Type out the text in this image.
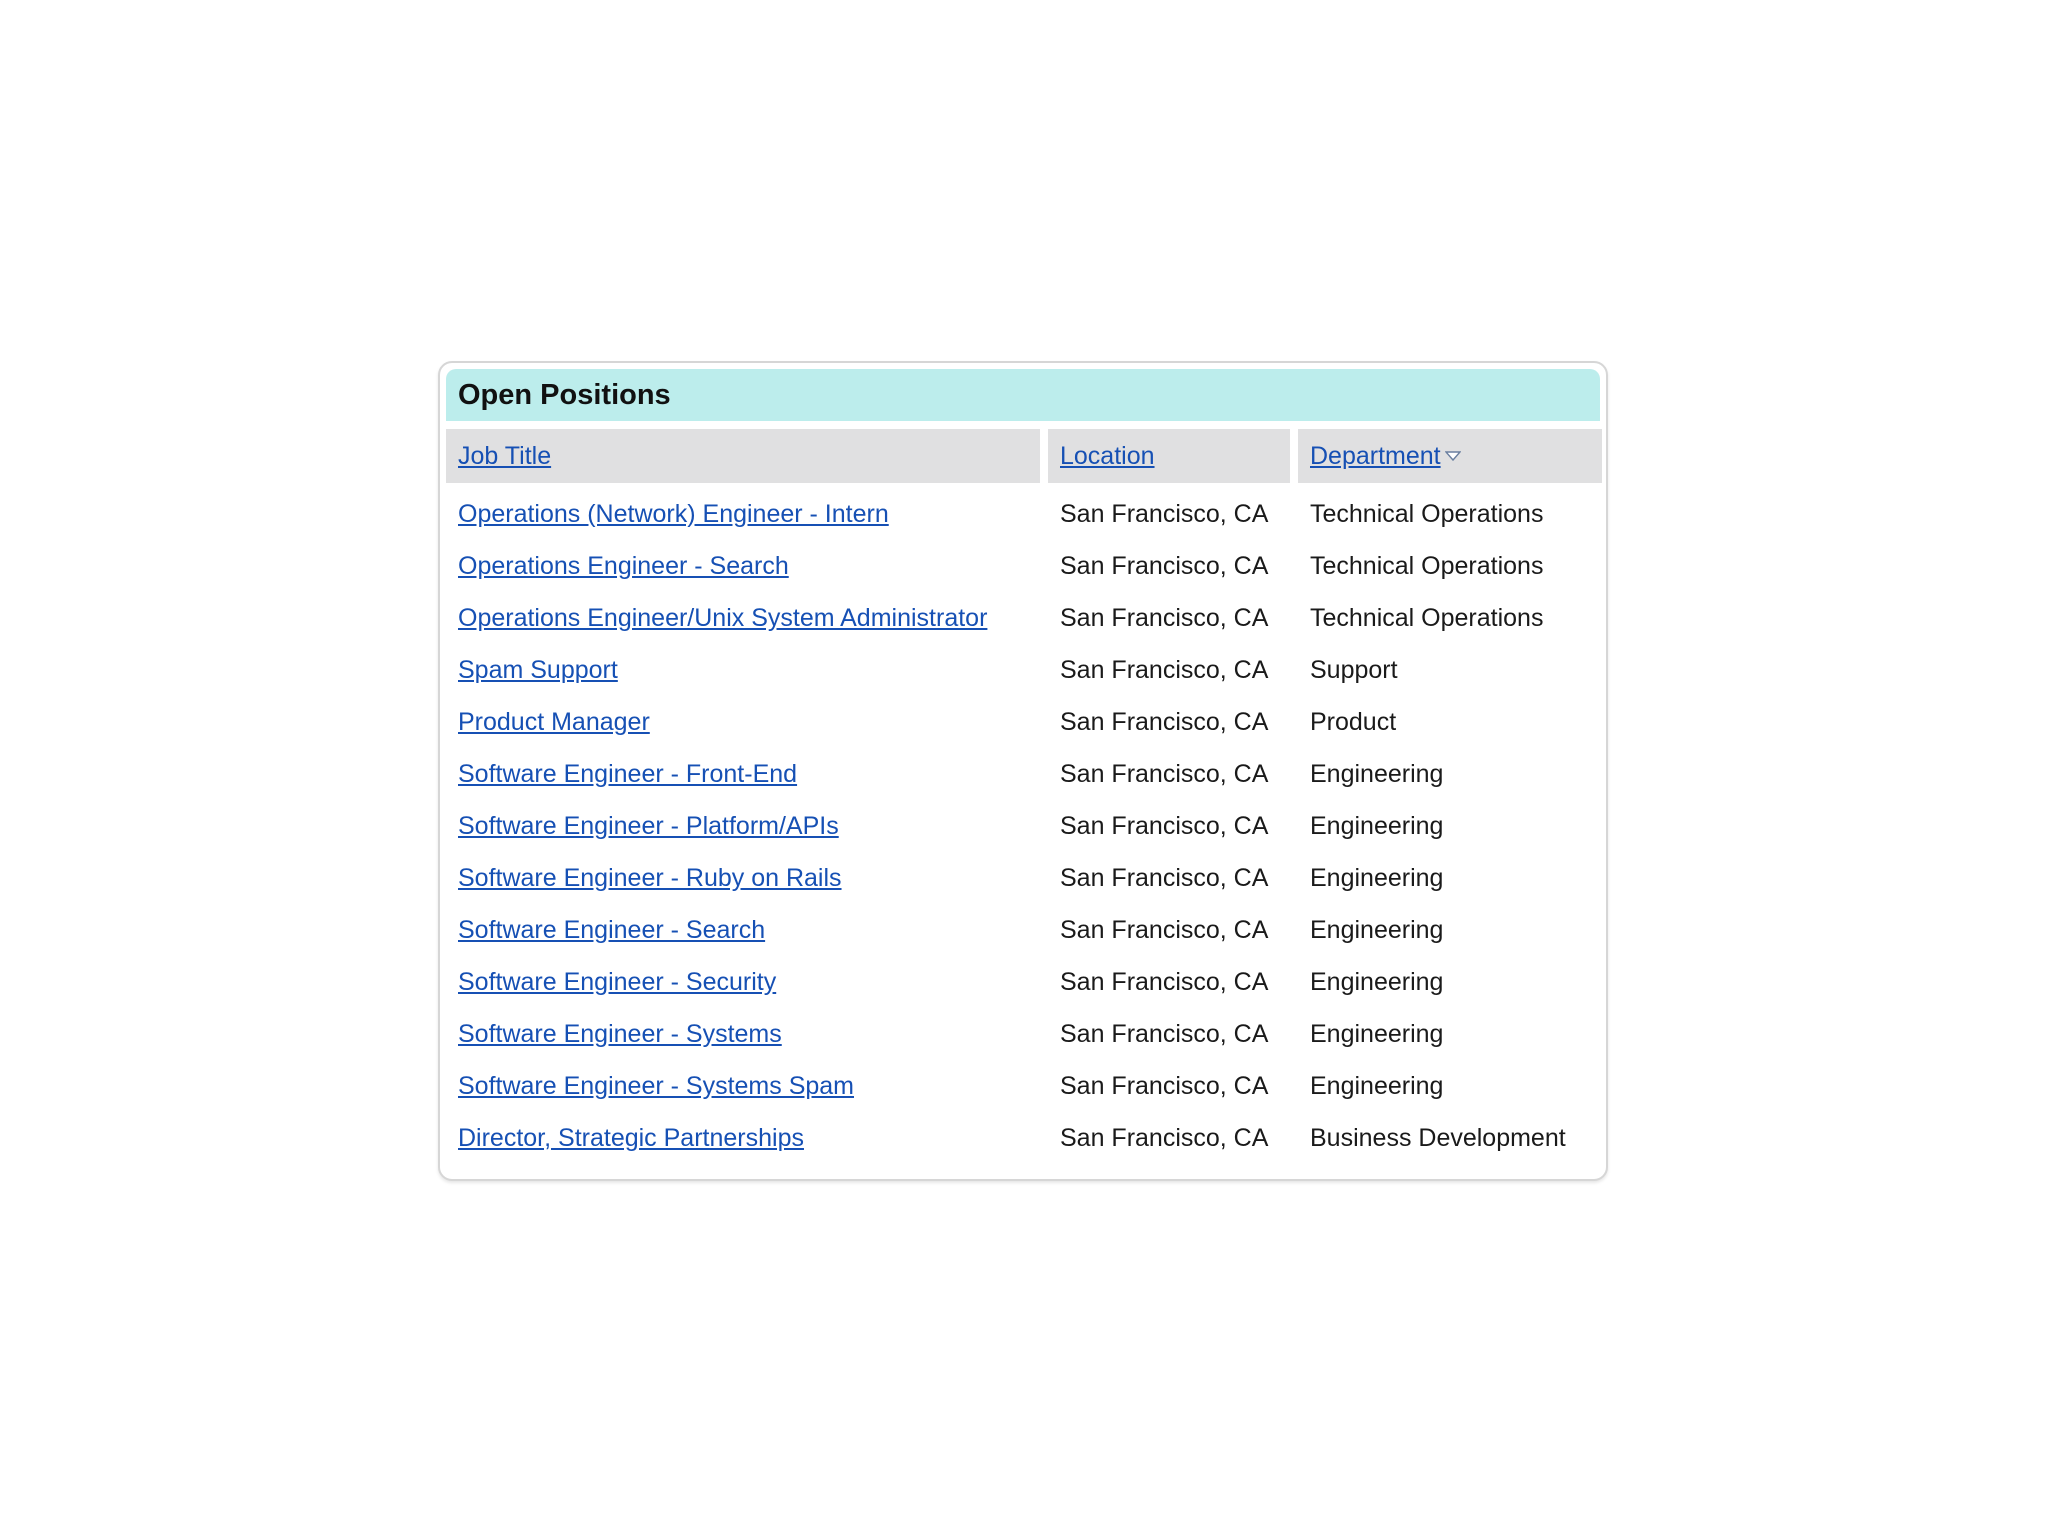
Open Positions
Job Title	Location	Department
Operations (Network) Engineer - Intern	San Francisco, CA	Technical Operations
Operations Engineer - Search	San Francisco, CA	Technical Operations
Operations Engineer/Unix System Administrator	San Francisco, CA	Technical Operations
Spam Support	San Francisco, CA	Support
Product Manager	San Francisco, CA	Product
Software Engineer - Front-End	San Francisco, CA	Engineering
Software Engineer - Platform/APIs	San Francisco, CA	Engineering
Software Engineer - Ruby on Rails	San Francisco, CA	Engineering
Software Engineer - Search	San Francisco, CA	Engineering
Software Engineer - Security	San Francisco, CA	Engineering
Software Engineer - Systems	San Francisco, CA	Engineering
Software Engineer - Systems Spam	San Francisco, CA	Engineering
Director, Strategic Partnerships	San Francisco, CA	Business Development
